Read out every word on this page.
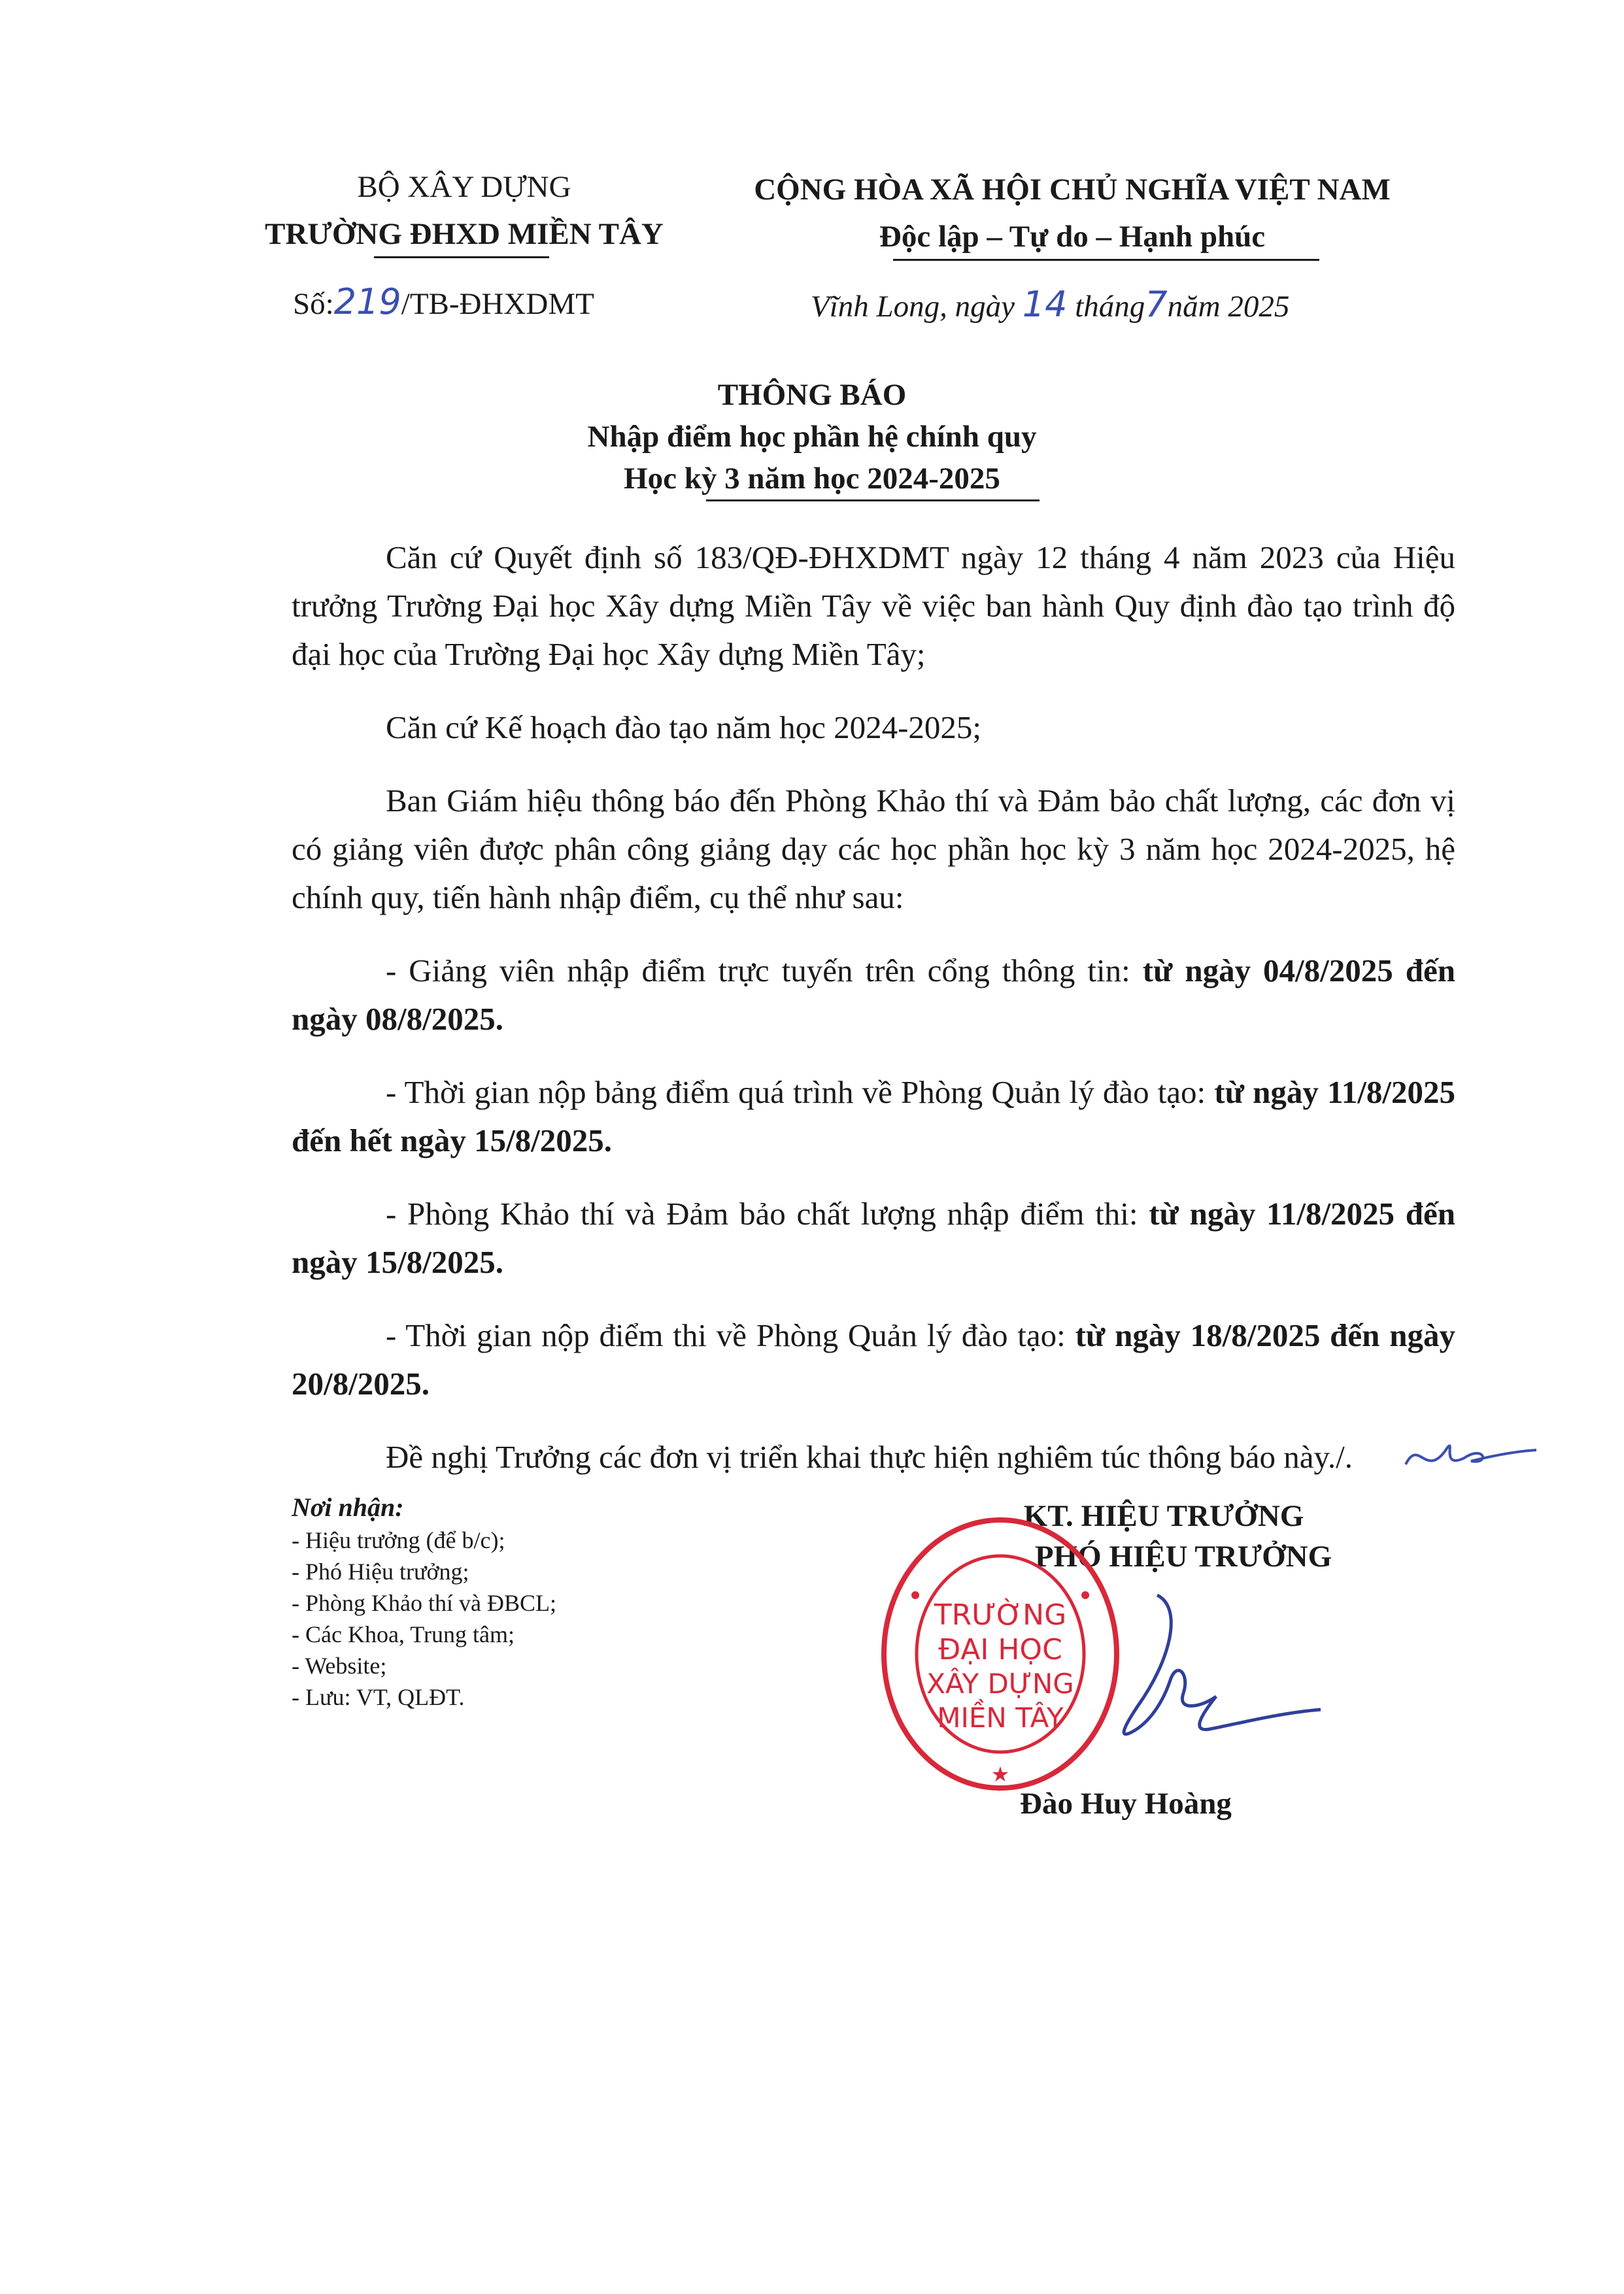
BỘ XÂY DỰNG
TRƯỜNG ĐHXD MIỀN TÂY
Số:219/TB-ĐHXDMT
CỘNG HÒA XÃ HỘI CHỦ NGHĨA VIỆT NAM
Độc lập – Tự do – Hạnh phúc
Vĩnh Long, ngày 14 tháng7năm 2025
THÔNG BÁO
Nhập điểm học phần hệ chính quy
Học kỳ 3 năm học 2024-2025

Căn cứ Quyết định số 183/QĐ-ĐHXDMT ngày 12 tháng 4 năm 2023 của Hiệu trưởng Trường Đại học Xây dựng Miền Tây về việc ban hành Quy định đào tạo trình độ đại học của Trường Đại học Xây dựng Miền Tây;

Căn cứ Kế hoạch đào tạo năm học 2024-2025;

Ban Giám hiệu thông báo đến Phòng Khảo thí và Đảm bảo chất lượng, các đơn vị có giảng viên được phân công giảng dạy các học phần học kỳ 3 năm học 2024-2025, hệ chính quy, tiến hành nhập điểm, cụ thể như sau:

- Giảng viên nhập điểm trực tuyến trên cổng thông tin: từ ngày 04/8/2025 đến ngày 08/8/2025.

- Thời gian nộp bảng điểm quá trình về Phòng Quản lý đào tạo: từ ngày 11/8/2025 đến hết ngày 15/8/2025.

- Phòng Khảo thí và Đảm bảo chất lượng nhập điểm thi: từ ngày 11/8/2025 đến ngày 15/8/2025.

- Thời gian nộp điểm thi về Phòng Quản lý đào tạo: từ ngày 18/8/2025 đến ngày 20/8/2025.

Đề nghị Trưởng các đơn vị triển khai thực hiện nghiêm túc thông báo này./.

Nơi nhận:
- Hiệu trưởng (để b/c);
- Phó Hiệu trưởng;
- Phòng Khảo thí và ĐBCL;
- Các Khoa, Trung tâm;
- Website;
- Lưu: VT, QLĐT.
KT. HIỆU TRƯỞNG
PHÓ HIỆU TRƯỞNG
★
TRƯỜNG
ĐẠI HỌC
XÂY DỰNG
MIỀN TÂY
Đào Huy Hoàng
